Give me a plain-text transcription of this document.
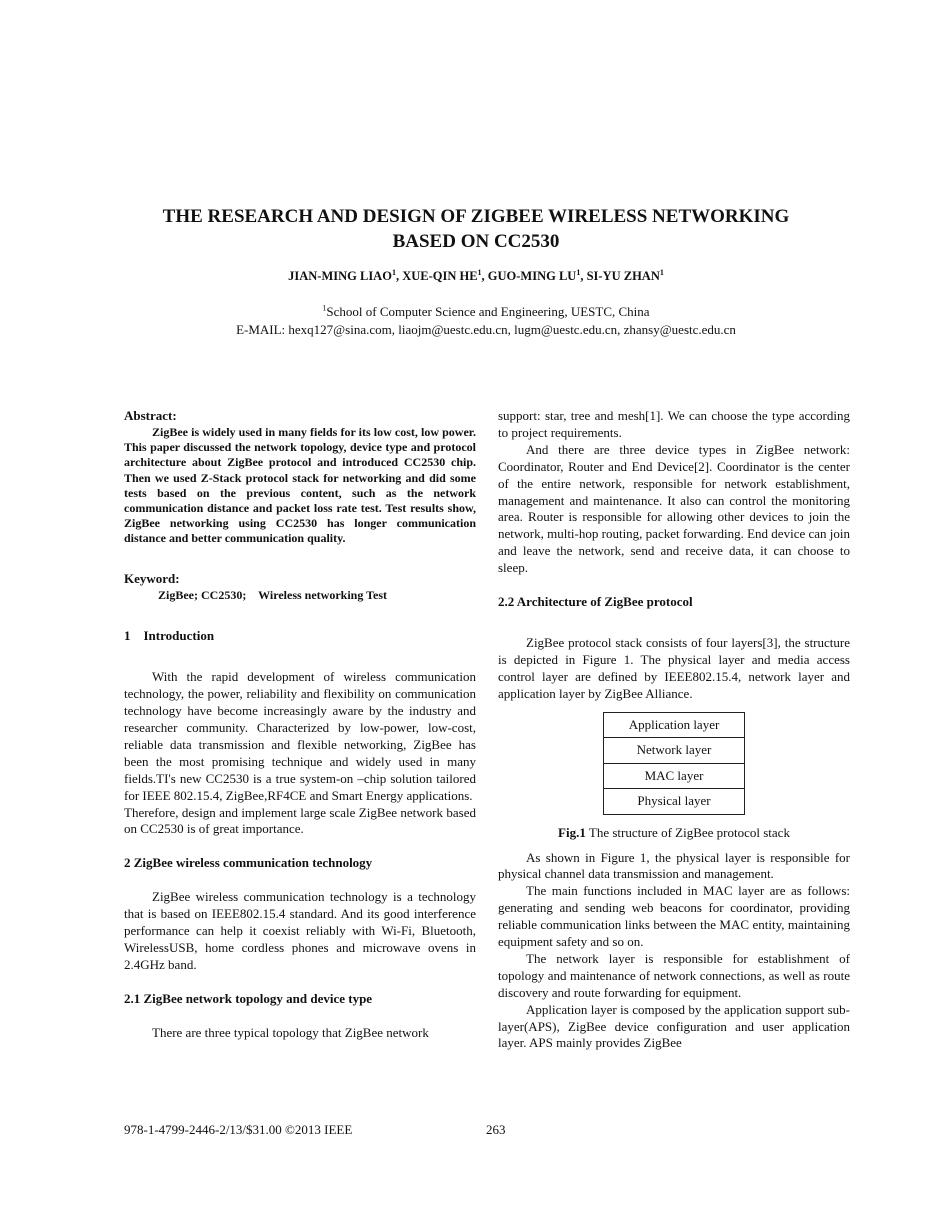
THE RESEARCH AND DESIGN OF ZIGBEE WIRELESS NETWORKING
BASED ON CC2530
JIAN-MING LIAO$^1$, XUE-QIN $HE^1$, GUO-MING $LU^1$, SI-YU ZHAN$^1$
$^1$School of Computer Science and Engineering, UESTC, China
E-MAIL: hexq127@sina.com, liaojm@uestc.edu.cn, lugm@uestc.edu.cn, zhansy@uestc.edu.cn

Abstract:

ZigBee is widely used in many fields for its low cost, low power. This paper discussed the network topology, device type and protocol architecture about ZigBee protocol and introduced CC2530 chip. Then we used Z-Stack protocol stack for networking and did some tests based on the previous content, such as the network communication distance and packet loss rate test. Test results show, ZigBee networking using CC2530 has longer communication distance and better communication quality.

Keyword:

ZigBee; CC2530;    Wireless networking Test

1    Introduction

With the rapid development of wireless communication technology, the power, reliability and flexibility on communication technology have become increasingly aware by the industry and researcher community. Characterized by low-power, low-cost, reliable data transmission and flexible networking, ZigBee has been the most promising technique and widely used in many fields.TI's new CC2530 is a true system-on –chip solution tailored for IEEE 802.15.4, ZigBee,RF4CE and Smart Energy applications.

Therefore, design and implement large scale ZigBee network based on CC2530 is of great importance.

2 ZigBee wireless communication technology

ZigBee wireless communication technology is a technology that is based on IEEE802.15.4 standard. And its good interference performance can help it coexist reliably with Wi-Fi, Bluetooth, WirelessUSB, home cordless phones and microwave ovens in 2.4GHz band.

2.1 ZigBee network topology and device type

There are three typical topology that ZigBee network

support: star, tree and mesh[1]. We can choose the type according to project requirements.

And there are three device types in ZigBee network: Coordinator, Router and End Device[2]. Coordinator is the center of the entire network, responsible for network establishment, management and maintenance. It also can control the monitoring area. Router is responsible for allowing other devices to join the network, multi-hop routing, packet forwarding. End device can join and leave the network, send and receive data, it can choose to sleep.

2.2 Architecture of ZigBee protocol

ZigBee protocol stack consists of four layers[3], the structure is depicted in Figure 1. The physical layer and media access control layer are defined by IEEE802.15.4, network layer and application layer by ZigBee Alliance.

Application layer
Network layer
MAC layer
Physical layer

Fig.1 The structure of ZigBee protocol stack

As shown in Figure 1, the physical layer is responsible for physical channel data transmission and management.

The main functions included in MAC layer are as follows: generating and sending web beacons for coordinator, providing reliable communication links between the MAC entity, maintaining equipment safety and so on.

The network layer is responsible for establishment of topology and maintenance of network connections, as well as route discovery and route forwarding for equipment.

Application layer is composed by the application support sub-layer(APS), ZigBee device configuration and user application layer. APS mainly provides ZigBee

978-1-4799-2446-2/13/$31.00 ©2013 IEEE	263
